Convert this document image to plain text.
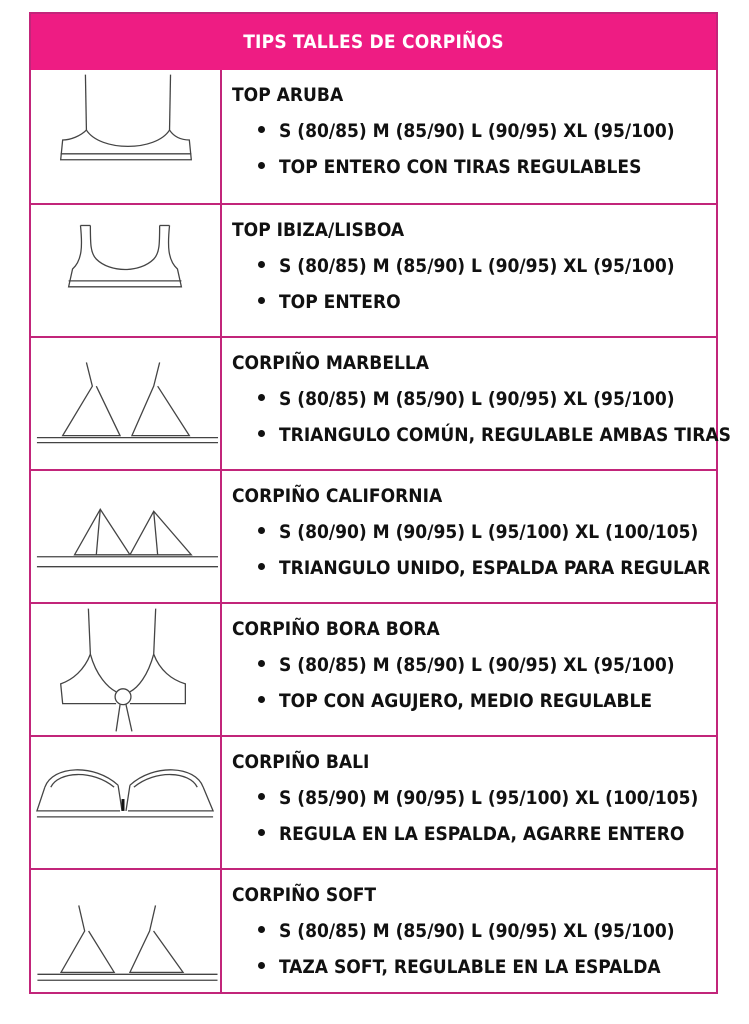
TIPS TALLES DE CORPIÑOS
TOP ARUBA
S (80/85) M (85/90) L (90/95) XL (95/100)
TOP ENTERO CON TIRAS REGULABLES
TOP IBIZA/LISBOA
S (80/85) M (85/90) L (90/95) XL (95/100)
TOP ENTERO
CORPIÑO MARBELLA
S (80/85) M (85/90) L (90/95) XL (95/100)
TRIANGULO COMÚN, REGULABLE AMBAS TIRAS
CORPIÑO CALIFORNIA
S (80/90) M (90/95) L (95/100) XL (100/105)
TRIANGULO UNIDO, ESPALDA PARA REGULAR
CORPIÑO BORA BORA
S (80/85) M (85/90) L (90/95) XL (95/100)
TOP CON AGUJERO, MEDIO REGULABLE
CORPIÑO BALI
S (85/90) M (90/95) L (95/100) XL (100/105)
REGULA EN LA ESPALDA, AGARRE ENTERO
CORPIÑO SOFT
S (80/85) M (85/90) L (90/95) XL (95/100)
TAZA SOFT, REGULABLE EN LA ESPALDA
